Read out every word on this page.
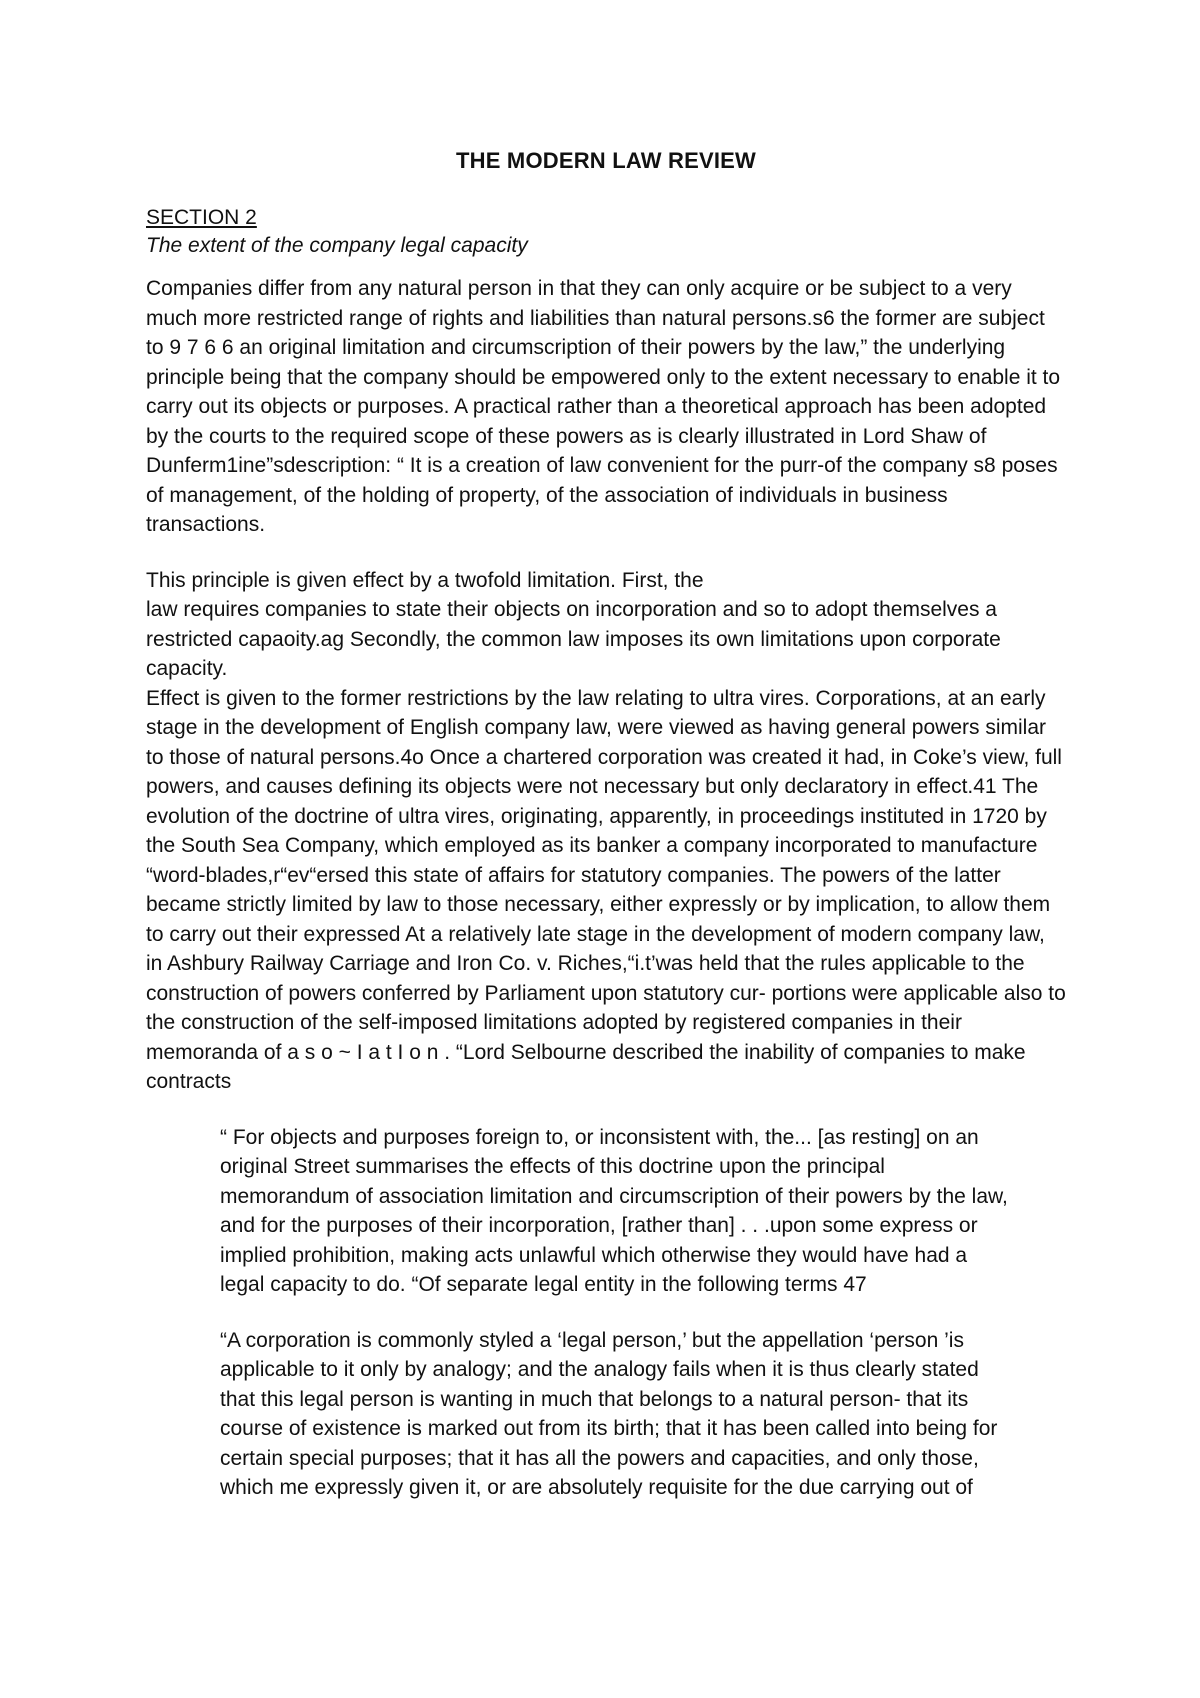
THE MODERN LAW REVIEW
SECTION 2
The extent of the company legal capacity

Companies differ from any natural person in that they can only acquire or be subject to a very much more restricted range of rights and liabilities than natural persons.s6 the former are subject to 9 7 6 6 an original limitation and circumscription of their powers by the law,” the underlying principle being that the company should be empowered only to the extent necessary to enable it to carry out its objects or purposes. A practical rather than a theoretical approach has been adopted by the courts to the required scope of these powers as is clearly illustrated in Lord Shaw of Dunferm1ine”sdescription: “ It is a creation of law convenient for the purr-of the company s8 poses of management, of the holding of property, of the association of individuals in business transactions.

This principle is given effect by a twofold limitation. First, the

law requires companies to state their objects on incorporation and so to adopt themselves a restricted capaoity.ag Secondly, the common law imposes its own limitations upon corporate capacity.

Effect is given to the former restrictions by the law relating to ultra vires. Corporations, at an early stage in the development of English company law, were viewed as having general powers similar to those of natural persons.4o Once a chartered corporation was created it had, in Coke’s view, full powers, and causes defining its objects were not necessary but only declaratory in effect.41 The evolution of the doctrine of ultra vires, originating, apparently, in proceedings instituted in 1720 by the South Sea Company, which employed as its banker a company incorporated to manufacture “word-blades,r“ev“ersed this state of affairs for statutory companies. The powers of the latter became strictly limited by law to those necessary, either expressly or by implication, to allow them to carry out their expressed At a relatively late stage in the development of modern company law, in Ashbury Railway Carriage and Iron Co. v. Riches,“i.t’was held that the rules applicable to the construction of powers conferred by Parliament upon statutory cur- portions were applicable also to the construction of the self-imposed limitations adopted by registered companies in their memoranda of a s o ~ I a t I o n . “Lord Selbourne described the inability of companies to make contracts

“ For objects and purposes foreign to, or inconsistent with, the... [as resting] on an original Street summarises the effects of this doctrine upon the principal memorandum of association limitation and circumscription of their powers by the law, and for the purposes of their incorporation, [rather than] . . .upon some express or implied prohibition, making acts unlawful which otherwise they would have had a legal capacity to do. “Of separate legal entity in the following terms 47

“A corporation is commonly styled a ‘legal person,’ but the appellation ‘person ’is applicable to it only by analogy; and the analogy fails when it is thus clearly stated that this legal person is wanting in much that belongs to a natural person- that its course of existence is marked out from its birth; that it has been called into being for certain special purposes; that it has all the powers and capacities, and only those, which me expressly given it, or are absolutely requisite for the due carrying out of
